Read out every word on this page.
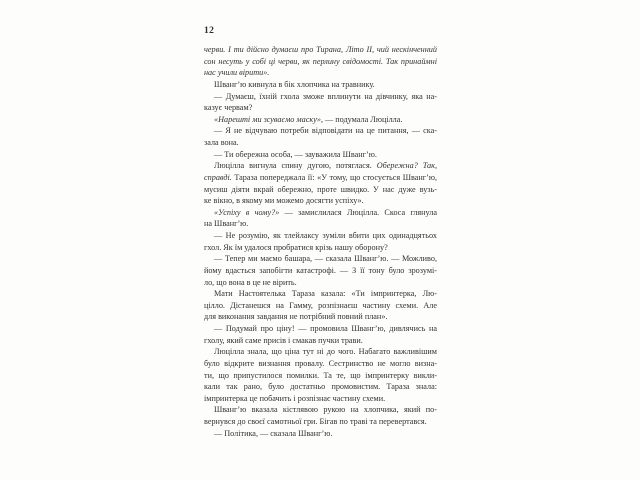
12
черви. І ти дійсно думаєш про Тирана, Літо II, чий нескінченний
сон несуть у собі ці черви, як перлину свідомості. Так принаймні
нас учили вірити».
Шванг’ю кивнула в бік хлопчика на травнику.
— Думаєш, їхній гхола зможе вплинути на дівчинку, яка на-
казує червам?
«Нарешті ми зсуваємо маску», — подумала Люцілла.
— Я не відчуваю потреби відповідати на це питання, — ска-
зала вона.
— Ти обережна особа, — зауважила Шванг’ю.
Люцілла вигнула спину дугою, потяглася. Обережна? Так,
справді. Тараза попереджала її: «У тому, що стосується Шванг’ю,
мусиш діяти вкрай обережно, проте швидко. У нас дуже вузь-
ке вікно, в якому ми можемо досягти успіху».
«Успіху в чому?» — замислилася Люцілла. Скоса глянула
на Шванг’ю.
— Не розумію, як тлейлаксу зуміли вбити цих одинадцятьох
гхол. Як їм удалося пробратися крізь нашу оборону?
— Тепер ми маємо башара, — сказала Шванг’ю. — Можливо,
йому вдасться запобігти катастрофі. — З її тону було зрозумі-
ло, що вона в це не вірить.
Мати Настоятелька Тараза казала: «Ти імпринтерка, Лю-
цілло. Дістанешся на Гамму, розпізнаєш частину схеми. Але
для виконання завдання не потрібний повний план».
— Подумай про ціну! — промовила Шванг’ю, дивлячись на
гхолу, який саме присів і смакав пучки трави.
Люцілла знала, що ціна тут ні до чого. Набагато важливішим
було відкрите визнання провалу. Сестринство не могло визна-
ти, що припустилося помилки. Та те, що імпринтерку викли-
кали так рано, було достатньо промовистим. Тараза знала:
імпринтерка це побачить і розпізнає частину схеми.
Шванг’ю вказала кістлявою рукою на хлопчика, який по-
вернувся до своєї самотньої гри. Бігав по траві та перевертався.
— Політика, — сказала Шванг’ю.
